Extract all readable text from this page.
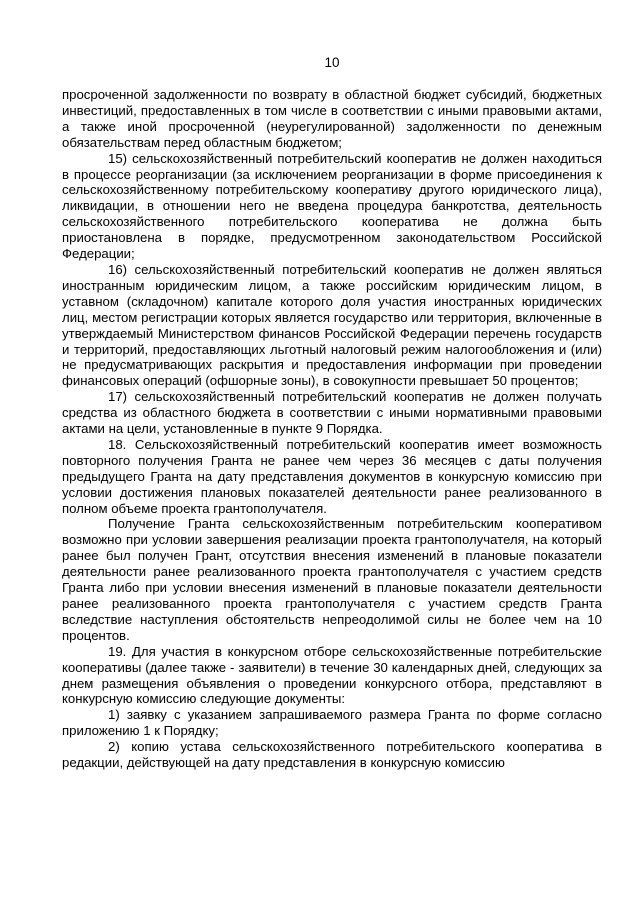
10

просроченной задолженности по возврату в областной бюджет субсидий, бюджетных инвестиций, предоставленных в том числе в соответствии с иными правовыми актами, а также иной просроченной (неурегулированной) задолженности по денежным обязательствам перед областным бюджетом;

15) сельскохозяйственный потребительский кооператив не должен находиться в процессе реорганизации (за исключением реорганизации в форме присоединения к сельскохозяйственному потребительскому кооперативу другого юридического лица), ликвидации, в отношении него не введена процедура банкротства, деятельность сельскохозяйственного потребительского кооператива не должна быть приостановлена в порядке, предусмотренном законодательством Российской Федерации;

16) сельскохозяйственный потребительский кооператив не должен являться иностранным юридическим лицом, а также российским юридическим лицом, в уставном (складочном) капитале которого доля участия иностранных юридических лиц, местом регистрации которых является государство или территория, включенные в утверждаемый Министерством финансов Российской Федерации перечень государств и территорий, предоставляющих льготный налоговый режим налогообложения и (или) не предусматривающих раскрытия и предоставления информации при проведении финансовых операций (офшорные зоны), в совокупности превышает 50 процентов;

17) сельскохозяйственный потребительский кооператив не должен получать средства из областного бюджета в соответствии с иными нормативными правовыми актами на цели, установленные в пункте 9 Порядка.

18. Сельскохозяйственный потребительский кооператив имеет возможность повторного получения Гранта не ранее чем через 36 месяцев с даты получения предыдущего Гранта на дату представления документов в конкурсную комиссию при условии достижения плановых показателей деятельности ранее реализованного в полном объеме проекта грантополучателя.

Получение Гранта сельскохозяйственным потребительским кооперативом возможно при условии завершения реализации проекта грантополучателя, на который ранее был получен Грант, отсутствия внесения изменений в плановые показатели деятельности ранее реализованного проекта грантополучателя с участием средств Гранта либо при условии внесения изменений в плановые показатели деятельности ранее реализованного проекта грантополучателя с участием средств Гранта вследствие наступления обстоятельств непреодолимой силы не более чем на 10 процентов.

19. Для участия в конкурсном отборе сельскохозяйственные потребительские кооперативы (далее также - заявители) в течение 30 календарных дней, следующих за днем размещения объявления о проведении конкурсного отбора, представляют в конкурсную комиссию следующие документы:

1) заявку с указанием запрашиваемого размера Гранта по форме согласно приложению 1 к Порядку;

2) копию устава сельскохозяйственного потребительского кооператива в редакции, действующей на дату представления в конкурсную комиссию
